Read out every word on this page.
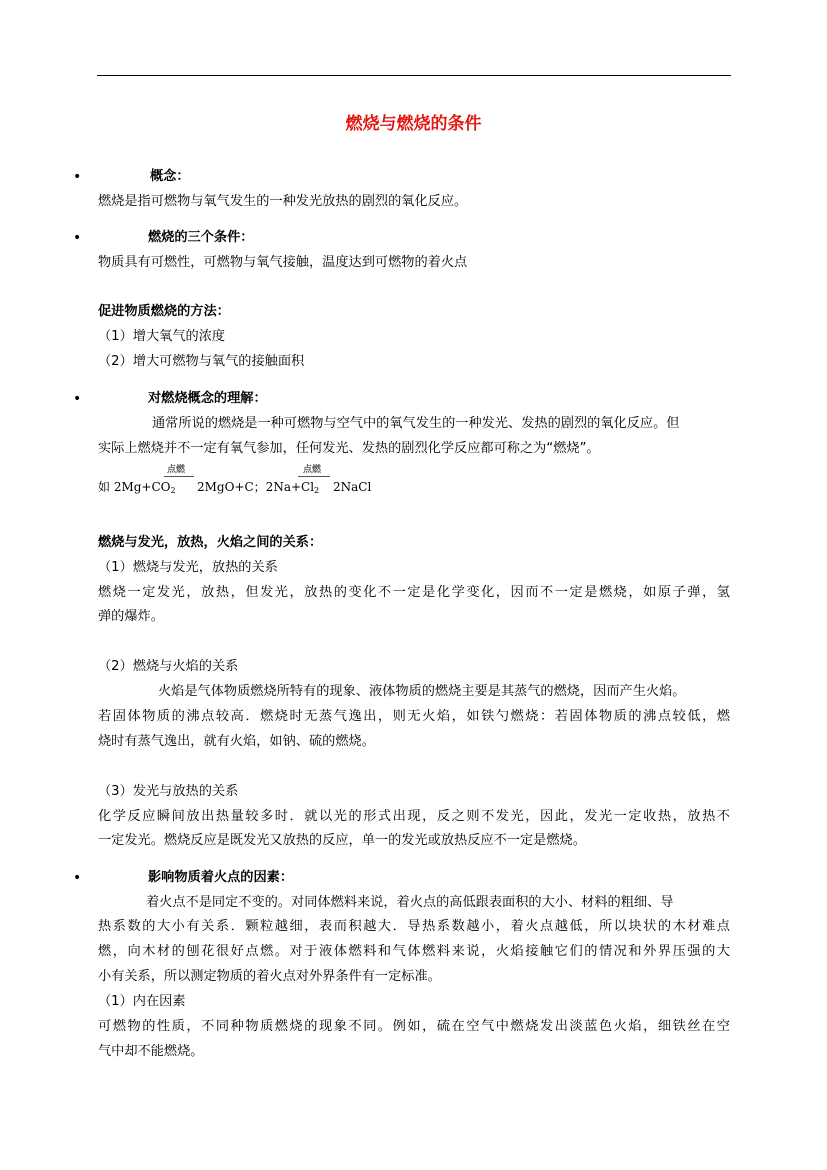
燃烧与燃烧的条件
•	概念：
燃烧是指可燃物与氧气发生的一种发光放热的剧烈的氧化反应。
•	燃烧的三个条件：
物质具有可燃性，可燃物与氧气接触，温度达到可燃物的着火点
促进物质燃烧的方法：
（1）增大氧气的浓度
（2）增大可燃物与氧气的接触面积
•	对燃烧概念的理解：
通常所说的燃烧是一种可燃物与空气中的氧气发生的一种发光、发热的剧烈的氧化反应。但
实际上燃烧并不一定有氧气参加，任何发光、发热的剧烈化学反应都可称之为“燃烧”。
点燃	点燃
如 $2Mg+CO_2$ 2MgO+C；$2Na+Cl_2$ 2NaCl
燃烧与发光，放热，火焰之间的关系：
（1）燃烧与发光，放热的关系
燃烧一定发光，放热，但发光，放热的变化不一定是化学变化，因而不一定是燃烧，如原子弹，氢
弹的爆炸。
（2）燃烧与火焰的关系
火焰是气体物质燃烧所特有的现象、液体物质的燃烧主要是其蒸气的燃烧，因而产生火焰。
若固体物质的沸点较高．燃烧时无蒸气逸出，则无火焰，如铁勺燃烧：若固体物质的沸点较低，燃
烧时有蒸气逸出，就有火焰，如钠、硫的燃烧。
（3）发光与放热的关系
化学反应瞬间放出热量较多时．就以光的形式出现，反之则不发光，因此，发光一定收热，放热不
一定发光。燃烧反应是既发光又放热的反应，单一的发光或放热反应不一定是燃烧。
•	影响物质着火点的因素：
着火点不是同定不变的。对同体燃料来说，着火点的高低跟表面积的大小、材料的粗细、导
热系数的大小有关系．颗粒越细，表而积越大．导热系数越小，着火点越低，所以块状的木材难点
燃，向木材的刨花很好点燃。对于液体燃料和气体燃料来说，火焰接触它们的情况和外界压强的大
小有关系，所以测定物质的着火点对外界条件有一定标准。
（1）内在因素
可燃物的性质，不同种物质燃烧的现象不同。例如，硫在空气中燃烧发出淡蓝色火焰，细铁丝在空
气中却不能燃烧。
